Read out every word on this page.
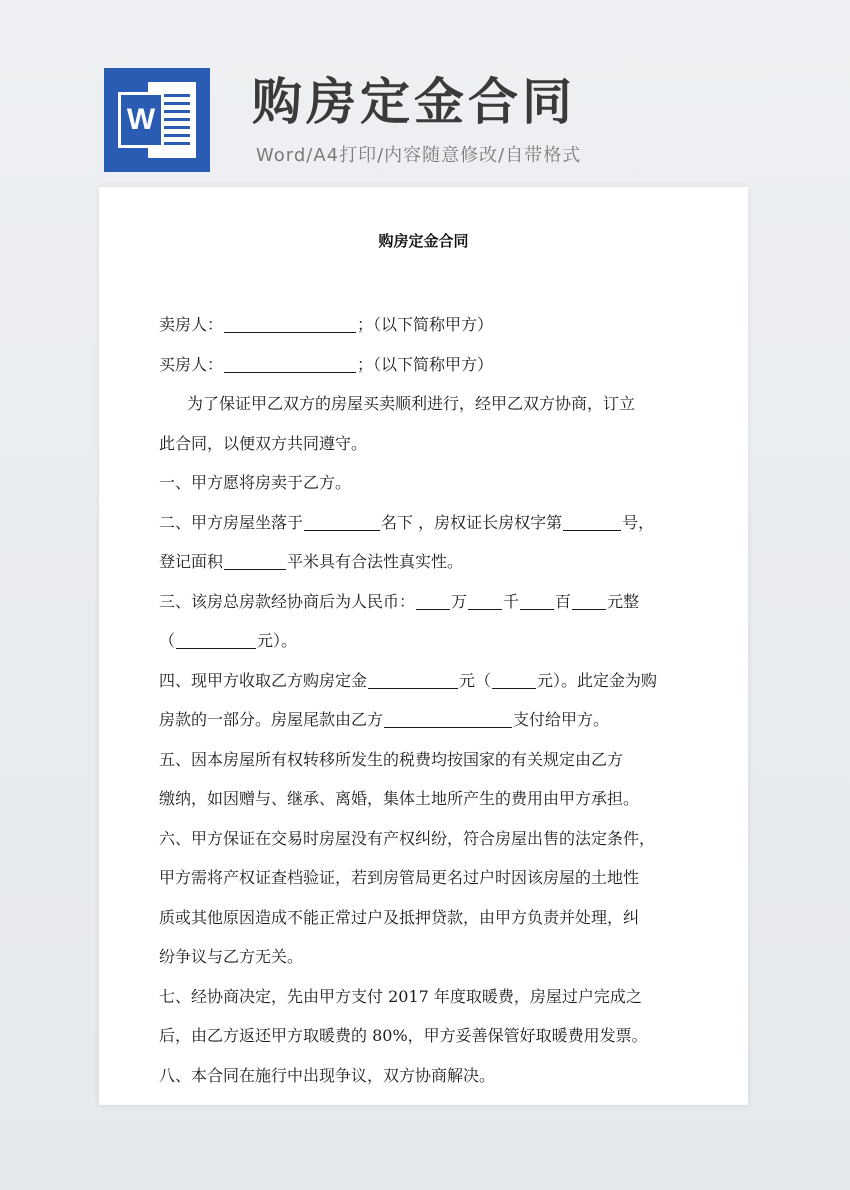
W 购房定金合同
Word/A4打印/内容随意修改/自带格式
购房定金合同
卖房人：	；（以下简称甲方）
买房人：	；（以下简称甲方）
为了保证甲乙双方的房屋买卖顺利进行，经甲乙双方协商，订立
此合同，以便双方共同遵守。
一、甲方愿将房卖于乙方。
二、甲方房屋坐落于	名下 ，房权证长房权字第	号，
登记面积	平米具有合法性真实性。
三、该房总房款经协商后为人民币： 万 千 百 元整
（	元）。
四、现甲方收取乙方购房定金	元（	元）。此定金为购
房款的一部分。房屋尾款由乙方	支付给甲方。
五、因本房屋所有权转移所发生的税费均按国家的有关规定由乙方
缴纳，如因赠与、继承、离婚，集体土地所产生的费用由甲方承担。
六、甲方保证在交易时房屋没有产权纠纷，符合房屋出售的法定条件，
甲方需将产权证查档验证，若到房管局更名过户时因该房屋的土地性
质或其他原因造成不能正常过户及抵押贷款，由甲方负责并处理，纠
纷争议与乙方无关。
七、经协商决定，先由甲方支付 2017 年度取暖费，房屋过户完成之
后，由乙方返还甲方取暖费的 80%，甲方妥善保管好取暖费用发票。
八、本合同在施行中出现争议，双方协商解决。
